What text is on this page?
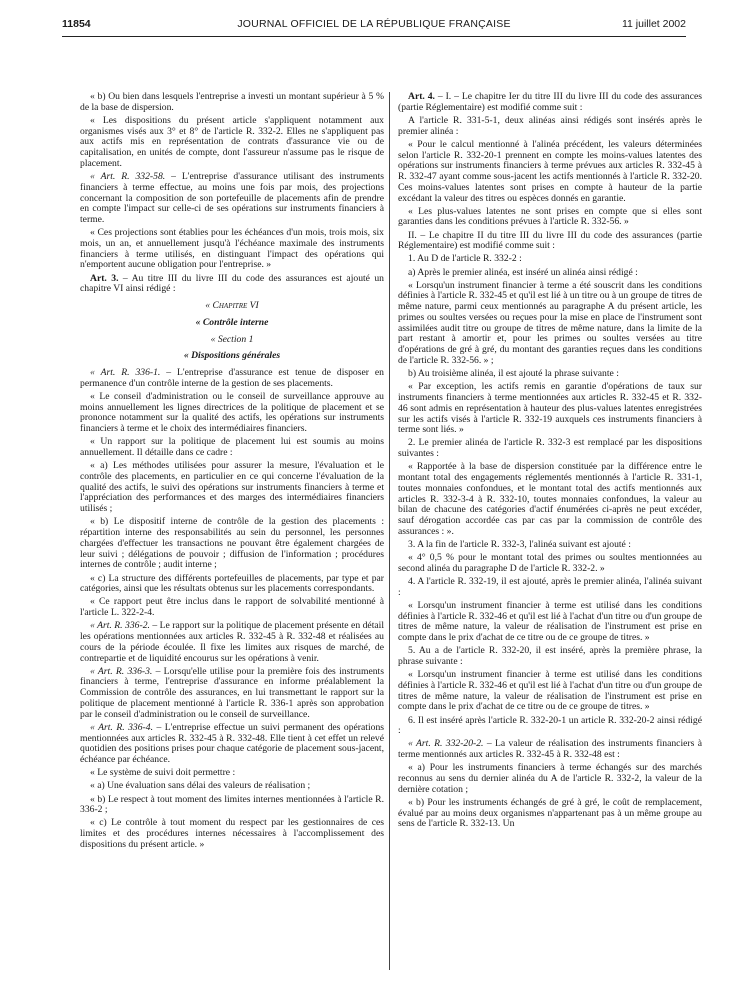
11854	JOURNAL OFFICIEL DE LA RÉPUBLIQUE FRANÇAISE	11 juillet 2002

« b) Ou bien dans lesquels l'entreprise a investi un montant supérieur à 5 % de la base de dispersion.

« Les dispositions du présent article s'appliquent notamment aux organismes visés aux 3° et 8° de l'article R. 332-2. Elles ne s'appliquent pas aux actifs mis en représentation de contrats d'assurance vie ou de capitalisation, en unités de compte, dont l'assureur n'assume pas le risque de placement.

« Art. R. 332-58. – L'entreprise d'assurance utilisant des instruments financiers à terme effectue, au moins une fois par mois, des projections concernant la composition de son portefeuille de placements afin de prendre en compte l'impact sur celle-ci de ses opérations sur instruments financiers à terme.

« Ces projections sont établies pour les échéances d'un mois, trois mois, six mois, un an, et annuellement jusqu'à l'échéance maximale des instruments financiers à terme utilisés, en distinguant l'impact des opérations qui n'emportent aucune obligation pour l'entreprise. »

Art. 3. – Au titre III du livre III du code des assurances est ajouté un chapitre VI ainsi rédigé :

« Chapitre VI

« Contrôle interne

« Section 1

« Dispositions générales

« Art. R. 336-1. – L'entreprise d'assurance est tenue de disposer en permanence d'un contrôle interne de la gestion de ses placements.

« Le conseil d'administration ou le conseil de surveillance approuve au moins annuellement les lignes directrices de la politique de placement et se prononce notamment sur la qualité des actifs, les opérations sur instruments financiers à terme et le choix des intermédiaires financiers.

« Un rapport sur la politique de placement lui est soumis au moins annuellement. Il détaille dans ce cadre :

« a) Les méthodes utilisées pour assurer la mesure, l'évaluation et le contrôle des placements, en particulier en ce qui concerne l'évaluation de la qualité des actifs, le suivi des opérations sur instruments financiers à terme et l'appréciation des performances et des marges des intermédiaires financiers utilisés ;

« b) Le dispositif interne de contrôle de la gestion des placements : répartition interne des responsabilités au sein du personnel, les personnes chargées d'effectuer les transactions ne pouvant être également chargées de leur suivi ; délégations de pouvoir ; diffusion de l'information ; procédures internes de contrôle ; audit interne ;

« c) La structure des différents portefeuilles de placements, par type et par catégories, ainsi que les résultats obtenus sur les placements correspondants.

« Ce rapport peut être inclus dans le rapport de solvabilité mentionné à l'article L. 322-2-4.

« Art. R. 336-2. – Le rapport sur la politique de placement présente en détail les opérations mentionnées aux articles R. 332-45 à R. 332-48 et réalisées au cours de la période écoulée. Il fixe les limites aux risques de marché, de contrepartie et de liquidité encourus sur les opérations à venir.

« Art. R. 336-3. – Lorsqu'elle utilise pour la première fois des instruments financiers à terme, l'entreprise d'assurance en informe préalablement la Commission de contrôle des assurances, en lui transmettant le rapport sur la politique de placement mentionné à l'article R. 336-1 après son approbation par le conseil d'administration ou le conseil de surveillance.

« Art. R. 336-4. – L'entreprise effectue un suivi permanent des opérations mentionnées aux articles R. 332-45 à R. 332-48. Elle tient à cet effet un relevé quotidien des positions prises pour chaque catégorie de placement sous-jacent, échéance par échéance.

« Le système de suivi doit permettre :

« a) Une évaluation sans délai des valeurs de réalisation ;

« b) Le respect à tout moment des limites internes mentionnées à l'article R. 336-2 ;

« c) Le contrôle à tout moment du respect par les gestionnaires de ces limites et des procédures internes nécessaires à l'accomplissement des dispositions du présent article. »

Art. 4. – I. – Le chapitre Ier du titre III du livre III du code des assurances (partie Réglementaire) est modifié comme suit :

A l'article R. 331-5-1, deux alinéas ainsi rédigés sont insérés après le premier alinéa :

« Pour le calcul mentionné à l'alinéa précédent, les valeurs déterminées selon l'article R. 332-20-1 prennent en compte les moins-values latentes des opérations sur instruments financiers à terme prévues aux articles R. 332-45 à R. 332-47 ayant comme sous-jacent les actifs mentionnés à l'article R. 332-20. Ces moins-values latentes sont prises en compte à hauteur de la partie excédant la valeur des titres ou espèces donnés en garantie.

« Les plus-values latentes ne sont prises en compte que si elles sont garanties dans les conditions prévues à l'article R. 332-56. »

II. – Le chapitre II du titre III du livre III du code des assurances (partie Réglementaire) est modifié comme suit :

1. Au D de l'article R. 332-2 :

a) Après le premier alinéa, est inséré un alinéa ainsi rédigé :

« Lorsqu'un instrument financier à terme a été souscrit dans les conditions définies à l'article R. 332-45 et qu'il est lié à un titre ou à un groupe de titres de même nature, parmi ceux mentionnés au paragraphe A du présent article, les primes ou soultes versées ou reçues pour la mise en place de l'instrument sont assimilées audit titre ou groupe de titres de même nature, dans la limite de la part restant à amortir et, pour les primes ou soultes versées au titre d'opérations de gré à gré, du montant des garanties reçues dans les conditions de l'article R. 332-56. » ;

b) Au troisième alinéa, il est ajouté la phrase suivante :

« Par exception, les actifs remis en garantie d'opérations de taux sur instruments financiers à terme mentionnées aux articles R. 332-45 et R. 332-46 sont admis en représentation à hauteur des plus-values latentes enregistrées sur les actifs visés à l'article R. 332-19 auxquels ces instruments financiers à terme sont liés. »

2. Le premier alinéa de l'article R. 332-3 est remplacé par les dispositions suivantes :

« Rapportée à la base de dispersion constituée par la différence entre le montant total des engagements réglementés mentionnés à l'article R. 331-1, toutes monnaies confondues, et le montant total des actifs mentionnés aux articles R. 332-3-4 à R. 332-10, toutes monnaies confondues, la valeur au bilan de chacune des catégories d'actif énumérées ci-après ne peut excéder, sauf dérogation accordée cas par cas par la commission de contrôle des assurances : ».

3. A la fin de l'article R. 332-3, l'alinéa suivant est ajouté :

« 4° 0,5 % pour le montant total des primes ou soultes mentionnées au second alinéa du paragraphe D de l'article R. 332-2. »

4. A l'article R. 332-19, il est ajouté, après le premier alinéa, l'alinéa suivant :

« Lorsqu'un instrument financier à terme est utilisé dans les conditions définies à l'article R. 332-46 et qu'il est lié à l'achat d'un titre ou d'un groupe de titres de même nature, la valeur de réalisation de l'instrument est prise en compte dans le prix d'achat de ce titre ou de ce groupe de titres. »

5. Au a de l'article R. 332-20, il est inséré, après la première phrase, la phrase suivante :

« Lorsqu'un instrument financier à terme est utilisé dans les conditions définies à l'article R. 332-46 et qu'il est lié à l'achat d'un titre ou d'un groupe de titres de même nature, la valeur de réalisation de l'instrument est prise en compte dans le prix d'achat de ce titre ou de ce groupe de titres. »

6. Il est inséré après l'article R. 332-20-1 un article R. 332-20-2 ainsi rédigé :

« Art. R. 332-20-2. – La valeur de réalisation des instruments financiers à terme mentionnés aux articles R. 332-45 à R. 332-48 est :

« a) Pour les instruments financiers à terme échangés sur des marchés reconnus au sens du dernier alinéa du A de l'article R. 332-2, la valeur de la dernière cotation ;

« b) Pour les instruments échangés de gré à gré, le coût de remplacement, évalué par au moins deux organismes n'appartenant pas à un même groupe au sens de l'article R. 332-13. Un
